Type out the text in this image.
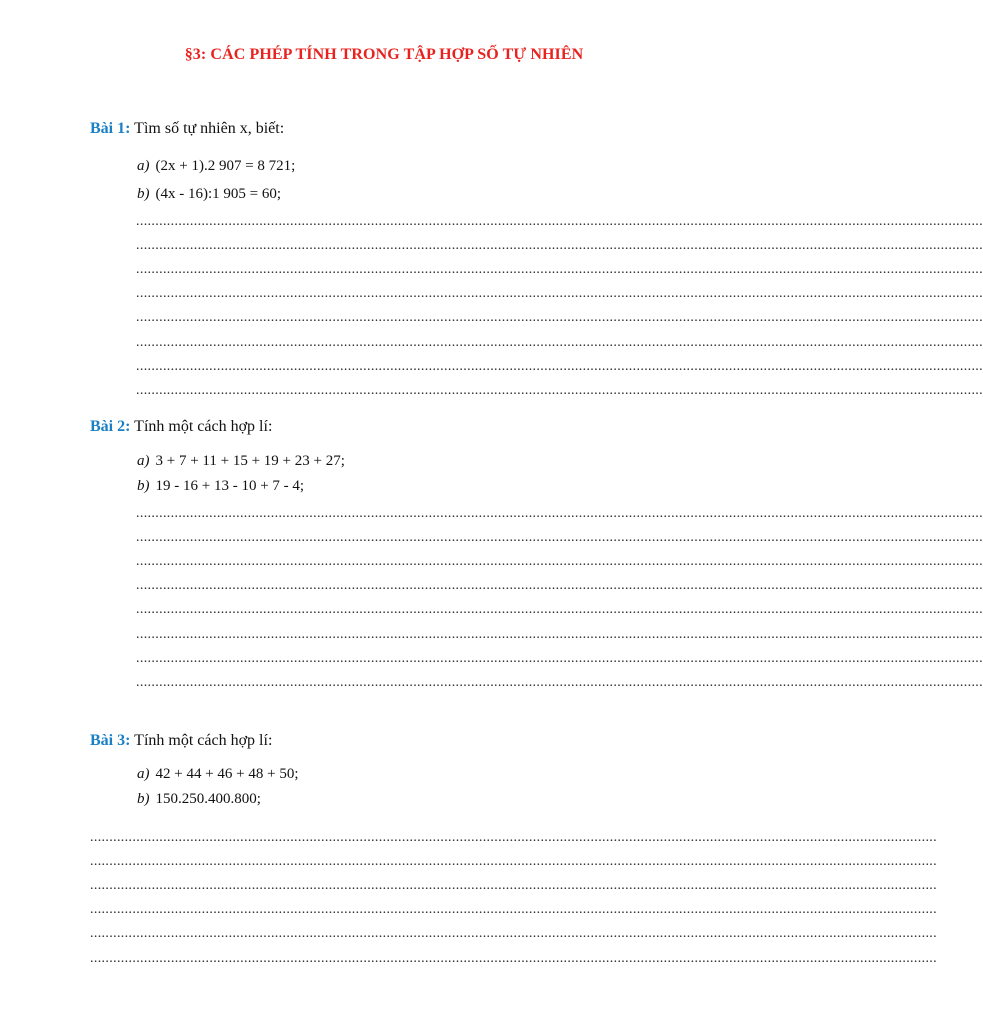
§3: CÁC PHÉP TÍNH TRONG TẬP HỢP SỐ TỰ NHIÊN
Bài 1: Tìm số tự nhiên x, biết:
a) (2x + 1).2 907 = 8 721;
b) (4x - 16):1 905 = 60;
............................................................................................................................................................................................................................
............................................................................................................................................................................................................................
............................................................................................................................................................................................................................
............................................................................................................................................................................................................................
............................................................................................................................................................................................................................
............................................................................................................................................................................................................................
............................................................................................................................................................................................................................
............................................................................................................................................................................................................................
Bài 2: Tính một cách hợp lí:
a) 3 + 7 + 11 + 15 + 19 + 23 + 27;
b) 19 - 16 + 13 - 10 + 7 - 4;
............................................................................................................................................................................................................................
............................................................................................................................................................................................................................
............................................................................................................................................................................................................................
............................................................................................................................................................................................................................
............................................................................................................................................................................................................................
............................................................................................................................................................................................................................
............................................................................................................................................................................................................................
............................................................................................................................................................................................................................
Bài 3: Tính một cách hợp lí:
a) 42 + 44 + 46 + 48 + 50;
b) 150.250.400.800;
............................................................................................................................................................................................................................
............................................................................................................................................................................................................................
............................................................................................................................................................................................................................
............................................................................................................................................................................................................................
............................................................................................................................................................................................................................
............................................................................................................................................................................................................................
